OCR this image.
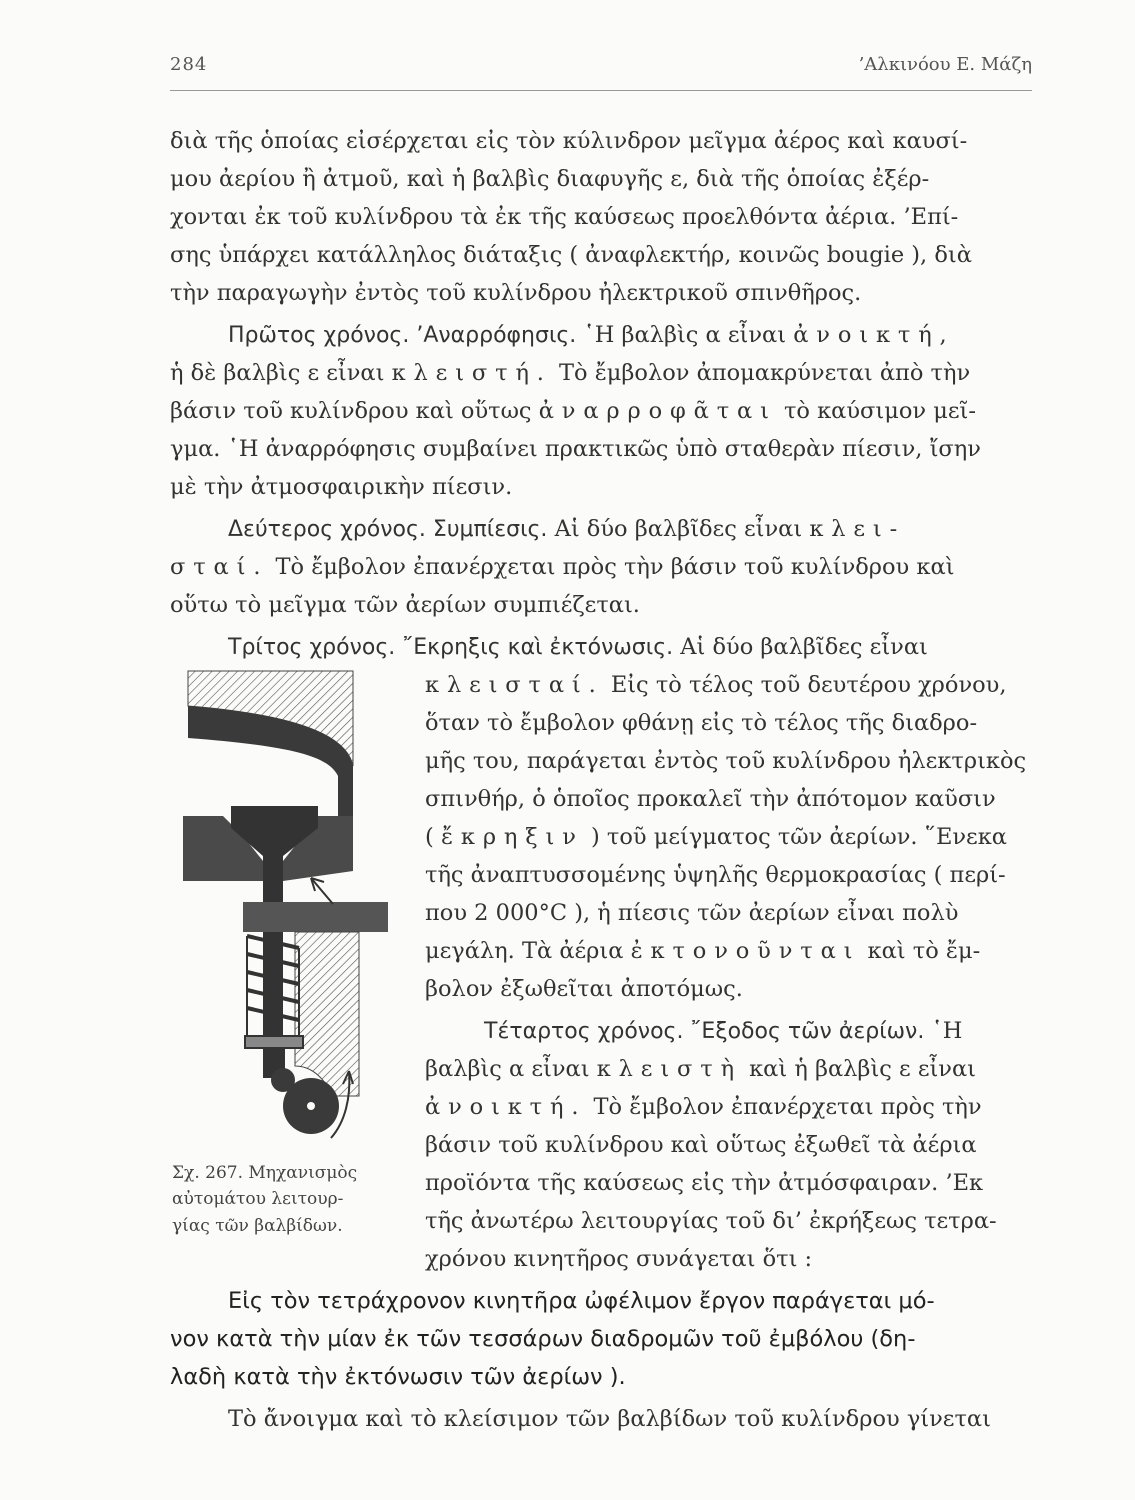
284	’Αλκινόου Ε. Μάζη
διὰ τῆς ὁποίας εἰσέρχεται εἰς τὸν κύλινδρον μεῖγμα ἀέρος καὶ καυσί-
μου ἀερίου ἢ ἀτμοῦ, καὶ ἡ βαλβὶς διαφυγῆς ε, διὰ τῆς ὁποίας ἐξέρ-
χονται ἐκ τοῦ κυλίνδρου τὰ ἐκ τῆς καύσεως προελθόντα ἀέρια. ’Επί-
σης ὑπάρχει κατάλληλος διάταξις ( ἀναφλεκτήρ, κοινῶς bougie ), διὰ
τὴν παραγωγὴν ἐντὸς τοῦ κυλίνδρου ἠλεκτρικοῦ σπινθῆρος.
Πρῶτος χρόνος. ’Αναρρόφησις. ῾Η βαλβὶς α εἶναι ἀνοικτή,
ἡ δὲ βαλβὶς ε εἶναι κλειστή. Τὸ ἔμβολον ἀπομακρύνεται ἀπὸ τὴν
βάσιν τοῦ κυλίνδρου καὶ οὕτως ἀναρροφᾶται τὸ καύσιμον μεῖ-
γμα. ῾Η ἀναρρόφησις συμβαίνει πρακτικῶς ὑπὸ σταθερὰν πίεσιν, ἴσην
μὲ τὴν ἀτμοσφαιρικὴν πίεσιν.
Δεύτερος χρόνος. Συμπίεσις. Αἱ δύο βαλβῖδες εἶναι κλει-
σταί. Τὸ ἔμβολον ἐπανέρχεται πρὸς τὴν βάσιν τοῦ κυλίνδρου καὶ
οὕτω τὸ μεῖγμα τῶν ἀερίων συμπιέζεται.
Τρίτος χρόνος. ῎Εκρηξις καὶ ἐκτόνωσις. Αἱ δύο βαλβῖδες εἶναι
κλεισταί. Εἰς τὸ τέλος τοῦ δευτέρου χρόνου,
ὅταν τὸ ἔμβολον φθάνῃ εἰς τὸ τέλος τῆς διαδρο-
μῆς του, παράγεται ἐντὸς τοῦ κυλίνδρου ἠλεκτρικὸς
σπινθήρ, ὁ ὁποῖος προκαλεῖ τὴν ἀπότομον καῦσιν
( ἔκρηξιν ) τοῦ μείγματος τῶν ἀερίων. ῞Ενεκα
τῆς ἀναπτυσσομένης ὑψηλῆς θερμοκρασίας ( περί-
που 2 000°C ), ἡ πίεσις τῶν ἀερίων εἶναι πολὺ
μεγάλη. Τὰ ἀέρια ἐκτονοῦνται καὶ τὸ ἔμ-
βολον ἐξωθεῖται ἀποτόμως.
Τέταρτος χρόνος. ῎Εξοδος τῶν ἀερίων. ῾Η
βαλβὶς α εἶναι κλειστὴ καὶ ἡ βαλβὶς ε εἶναι
ἀνοικτή. Τὸ ἔμβολον ἐπανέρχεται πρὸς τὴν
βάσιν τοῦ κυλίνδρου καὶ οὕτως ἐξωθεῖ τὰ ἀέρια
προϊόντα τῆς καύσεως εἰς τὴν ἀτμόσφαιραν. ’Εκ
τῆς ἀνωτέρω λειτουργίας τοῦ δι’ ἐκρήξεως τετρα-
χρόνου κινητῆρος συνάγεται ὅτι :
Σχ. 267. Μηχανισμὸς
αὐτομάτου λειτουρ-
γίας τῶν βαλβίδων.
Εἰς τὸν τετράχρονον κινητῆρα ὠφέλιμον ἔργον παράγεται μό-
νον κατὰ τὴν μίαν ἐκ τῶν τεσσάρων διαδρομῶν τοῦ ἐμβόλου (δη-
λαδὴ κατὰ τὴν ἐκτόνωσιν τῶν ἀερίων ).
Τὸ ἄνοιγμα καὶ τὸ κλείσιμον τῶν βαλβίδων τοῦ κυλίνδρου γίνεται
